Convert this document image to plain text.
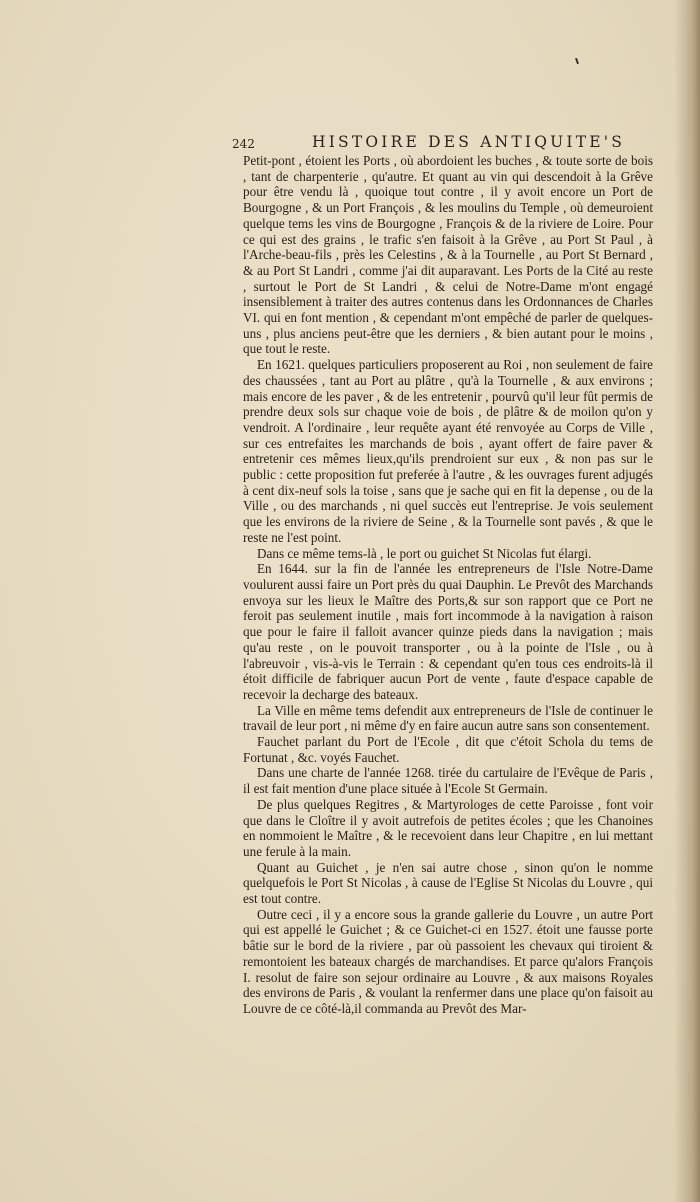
242	HISTOIRE DES ANTIQUITE'S

Petit-pont , étoient les Ports , où abordoient les buches , & toute sorte de bois , tant de charpenterie , qu'autre. Et quant au vin qui descendoit à la Grêve pour être vendu là , quoique tout contre , il y avoit encore un Port de Bourgogne , & un Port François , & les moulins du Temple , où demeuroient quelque tems les vins de Bourgogne , François & de la riviere de Loire. Pour ce qui est des grains , le trafic s'en faisoit à la Grêve , au Port St Paul , à l'Arche-beau-fils , près les Celestins , & à la Tournelle , au Port St Bernard , & au Port St Landri , comme j'ai dit auparavant. Les Ports de la Cité au reste , surtout le Port de St Landri , & celui de Notre-Dame m'ont engagé insensiblement à traiter des autres contenus dans les Ordonnances de Charles VI. qui en font mention , & cependant m'ont empêché de parler de quelques-uns , plus anciens peut-être que les derniers , & bien autant pour le moins , que tout le reste.

En 1621. quelques particuliers proposerent au Roi , non seulement de faire des chaussées , tant au Port au plâtre , qu'à la Tournelle , & aux environs ; mais encore de les paver , & de les entretenir , pourvû qu'il leur fût permis de prendre deux sols sur chaque voie de bois , de plâtre & de moilon qu'on y vendroit. A l'ordinaire , leur requête ayant été renvoyée au Corps de Ville , sur ces entrefaites les marchands de bois , ayant offert de faire paver & entretenir ces mêmes lieux,qu'ils prendroient sur eux , & non pas sur le public : cette proposition fut preferée à l'autre , & les ouvrages furent adjugés à cent dix-neuf sols la toise , sans que je sache qui en fit la depense , ou de la Ville , ou des marchands , ni quel succès eut l'entreprise. Je vois seulement que les environs de la riviere de Seine , & la Tournelle sont pavés , & que le reste ne l'est point.

Dans ce même tems-là , le port ou guichet St Nicolas fut élargi.

En 1644. sur la fin de l'année les entrepreneurs de l'Isle Notre-Dame voulurent aussi faire un Port près du quai Dauphin. Le Prevôt des Marchands envoya sur les lieux le Maître des Ports,& sur son rapport que ce Port ne feroit pas seulement inutile , mais fort incommode à la navigation à raison que pour le faire il falloit avancer quinze pieds dans la navigation ; mais qu'au reste , on le pouvoit transporter , ou à la pointe de l'Isle , ou à l'abreuvoir , vis-à-vis le Terrain : & cependant qu'en tous ces endroits-là il étoit difficile de fabriquer aucun Port de vente , faute d'espace capable de recevoir la decharge des bateaux.

La Ville en même tems defendit aux entrepreneurs de l'Isle de continuer le travail de leur port , ni même d'y en faire aucun autre sans son consentement.

Fauchet parlant du Port de l'Ecole , dit que c'étoit Schola du tems de Fortunat , &c. voyés Fauchet.

Dans une charte de l'année 1268. tirée du cartulaire de l'Evêque de Paris , il est fait mention d'une place située à l'Ecole St Germain.

De plus quelques Regitres , & Martyrologes de cette Paroisse , font voir que dans le Cloître il y avoit autrefois de petites écoles ; que les Chanoines en nommoient le Maître , & le recevoient dans leur Chapitre , en lui mettant une ferule à la main.

Quant au Guichet , je n'en sai autre chose , sinon qu'on le nomme quelquefois le Port St Nicolas , à cause de l'Eglise St Nicolas du Louvre , qui est tout contre.

Outre ceci , il y a encore sous la grande gallerie du Louvre , un autre Port qui est appellé le Guichet ; & ce Guichet-ci en 1527. étoit une fausse porte bâtie sur le bord de la riviere , par où passoient les chevaux qui tiroient & remontoient les bateaux chargés de marchandises. Et parce qu'alors François I. resolut de faire son sejour ordinaire au Louvre , & aux maisons Royales des environs de Paris , & voulant la renfermer dans une place qu'on faisoit au Louvre de ce côté-là,il commanda au Prevôt des Mar-
